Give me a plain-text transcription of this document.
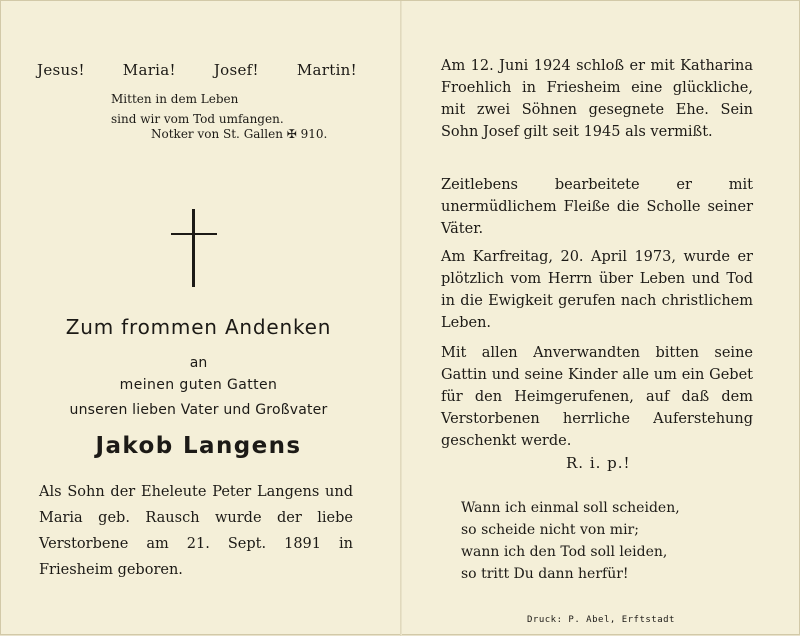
Jesus!	Maria!	Josef!	Martin!
Mitten in dem Leben
sind wir vom Tod umfangen.
Notker von St. Gallen ✠ 910.
Zum frommen Andenken
an
meinen guten Gatten
unseren lieben Vater und Großvater
Jakob Langens
Als Sohn der Eheleute Peter Langens und Maria geb. Rausch wurde der liebe Verstorbene am 21. Sept. 1891 in Friesheim geboren.
Am 12. Juni 1924 schloß er mit Katharina Froehlich in Friesheim eine glückliche, mit zwei Söhnen gesegnete Ehe. Sein Sohn Josef gilt seit 1945 als vermißt.
Zeitlebens bearbeitete er mit unermüdlichem Fleiße die Scholle seiner Väter.
Am Karfreitag, 20. April 1973, wurde er plötzlich vom Herrn über Leben und Tod in die Ewigkeit gerufen nach christlichem Leben.
Mit allen Anverwandten bitten seine Gattin und seine Kinder alle um ein Gebet für den Heimgerufenen, auf daß dem Verstorbenen herrliche Auferstehung geschenkt werde.
R. i. p.!
Wann ich einmal soll scheiden,
so scheide nicht von mir;
wann ich den Tod soll leiden,
so tritt Du dann herfür!
Druck: P. Abel, Erftstadt
